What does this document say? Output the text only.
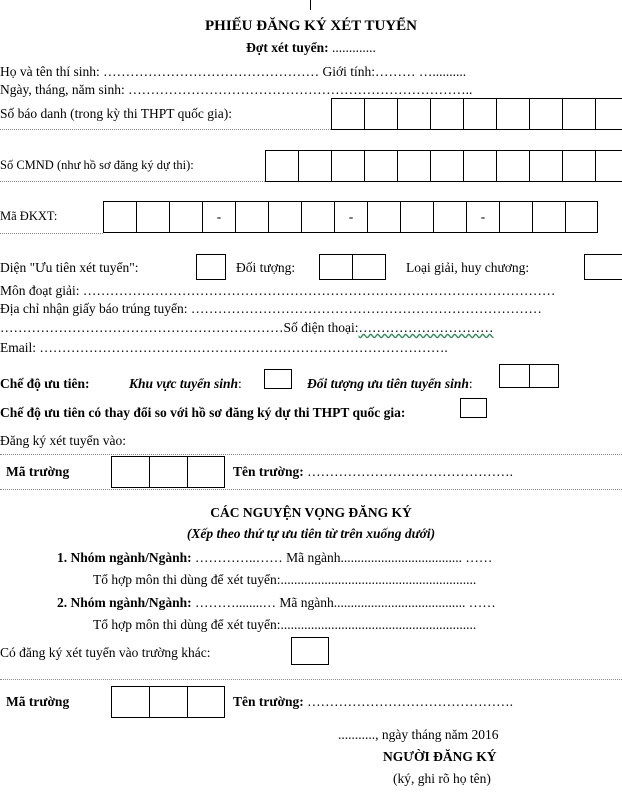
PHIẾU ĐĂNG KÝ XÉT TUYỂN
Đợt xét tuyển: .............
Họ và tên thí sinh: ………………………………………… Giới tính:……… …..........
Ngày, tháng, năm sinh: …………………………………………………………………..
Số báo danh (trong kỳ thi THPT quốc gia):
Số CMND (như hồ sơ đăng ký dự thi):
Mã ĐKXT:	-	-	-
Diện "Ưu tiên xét tuyển":	Đối tượng:	Loại giải, huy chương:
Môn đoạt giải: ……………………………………………………………………………………………
Địa chỉ nhận giấy báo trúng tuyển: ……………………………………………………………………
………………………………………………………Số điện thoại:…………………………
Email: ……………………………………………………………………………….
Chế độ ưu tiên:	Khu vực tuyển sinh:	Đối tượng ưu tiên tuyển sinh:
Chế độ ưu tiên có thay đổi so với hồ sơ đăng ký dự thi THPT quốc gia:
Đăng ký xét tuyển vào:
Mã trường	Tên trường: ……………………………………….
CÁC NGUYỆN VỌNG ĐĂNG KÝ
(Xếp theo thứ tự ưu tiên từ trên xuống dưới)
1. Nhóm ngành/Ngành: …………..…… Mã ngành.................................... ……
Tổ hợp môn thi dùng để xét tuyển:..........................................................
2. Nhóm ngành/Ngành: ………........… Mã ngành....................................... ……
Tổ hợp môn thi dùng để xét tuyển:..........................................................
Có đăng ký xét tuyển vào trường khác:
Mã trường	Tên trường: ……………………………………….
..........., ngày tháng năm 2016
NGƯỜI ĐĂNG KÝ
(ký, ghi rõ họ tên)
